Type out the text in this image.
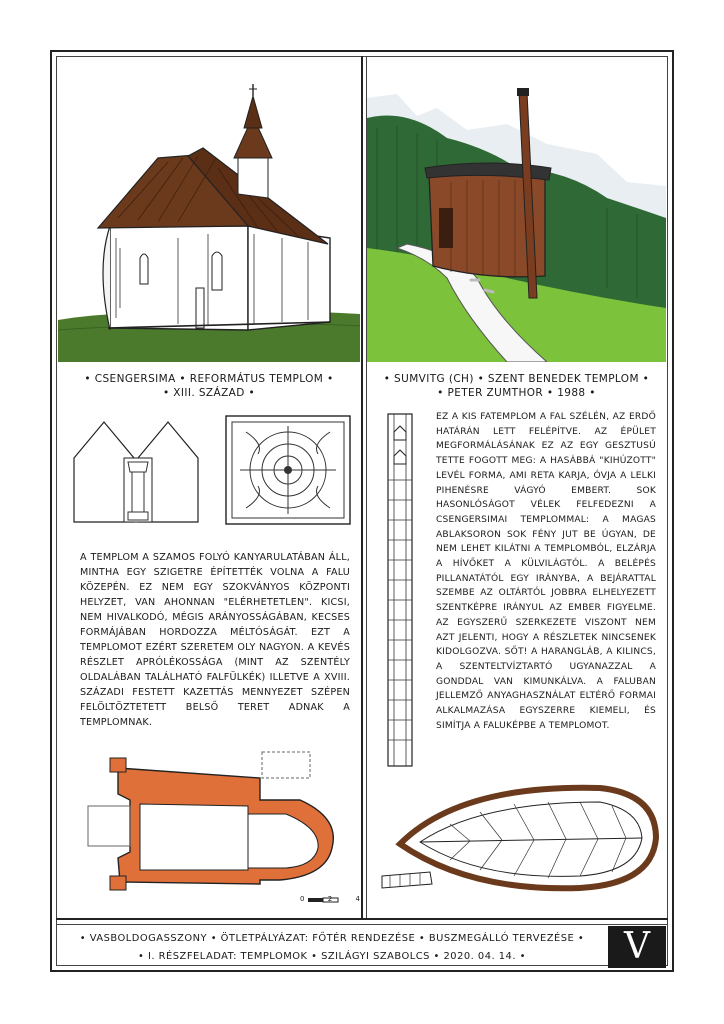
• CSENGERSIMA • REFORMÁTUS TEMPLOM •
• XIII. SZÁZAD •
• SUMVITG (CH) • SZENT BENEDEK TEMPLOM •
• PETER ZUMTHOR • 1988 •
A TEMPLOM A SZAMOS FOLYÓ KANYARULATÁBAN ÁLL, MINTHA EGY SZIGETRE ÉPÍTETTÉK VOLNA A FALU KÖZEPÉN. EZ NEM EGY SZOKVÁNYOS KÖZPONTI HELYZET, VAN AHONNAN "ELÉRHETETLEN". KICSI, NEM HIVALKODÓ, MÉGIS ARÁNYOSSÁGÁBAN, KECSES FORMÁJÁBAN HORDOZZA MÉLTÓSÁGÁT. EZT A TEMPLOMOT EZÉRT SZERETEM OLY NAGYON. A KEVÉS RÉSZLET APRÓLÉKOSSÁGA (MINT AZ SZENTÉLY OLDALÁBAN TALÁLHATÓ FALFÜLKÉK) ILLETVE A XVIII. SZÁZADI FESTETT KAZETTÁS MENNYEZET SZÉPEN FELÖLTÖZTETETT BELSŐ TERET ADNAK A TEMPLOMNAK.
0	2	4
EZ A KIS FATEMPLOM A FAL SZÉLÉN, AZ ERDŐ HATÁRÁN LETT FELÉPÍTVE. AZ ÉPÜLET MEGFORMÁLÁSÁNAK EZ AZ EGY GESZTUSÚ TETTE FOGOTT MEG: A HASÁBBÁ "KIHÚZOTT" LEVÉL FORMA, AMI RETA KARJA, ÓVJA A LELKI PIHENÉSRE VÁGYÓ EMBERT. SOK HASONLÓSÁGOT VÉLEK FELFEDEZNI A CSENGERSIMAI TEMPLOMMAL: A MAGAS ABLAKSORON SOK FÉNY JUT BE ÚGYAN, DE NEM LEHET KILÁTNI A TEMPLOMBÓL, ELZÁRJA A HÍVŐKET A KÜLVILÁGTÓL. A BELÉPÉS PILLANATÁTÓL EGY IRÁNYBA, A BEJÁRATTAL SZEMBE AZ OLTÁRTÓL JOBBRA ELHELYEZETT SZENTKÉPRE IRÁNYUL AZ EMBER FIGYELME. AZ EGYSZERŰ SZERKEZETE VISZONT NEM AZT JELENTI, HOGY A RÉSZLETEK NINCSENEK KIDOLGOZVA. SŐT! A HARANGLÁB, A KILINCS, A SZENTELTVÍZTARTÓ UGYANAZZAL A GONDDAL VAN KIMUNKÁLVA. A FALUBAN JELLEMZŐ ANYAGHASZNÁLAT ELTÉRŐ FORMAI ALKALMAZÁSA EGYSZERRE KIEMELI, ÉS SIMÍTJA A FALUKÉPBE A TEMPLOMOT.
• VASBOLDOGASSZONY • ÖTLETPÁLYÁZAT: FŐTÉR RENDEZÉSE • BUSZMEGÁLLÓ TERVEZÉSE •
• I. RÉSZFELADAT: TEMPLOMOK • SZILÁGYI SZABOLCS • 2020. 04. 14. •	V
